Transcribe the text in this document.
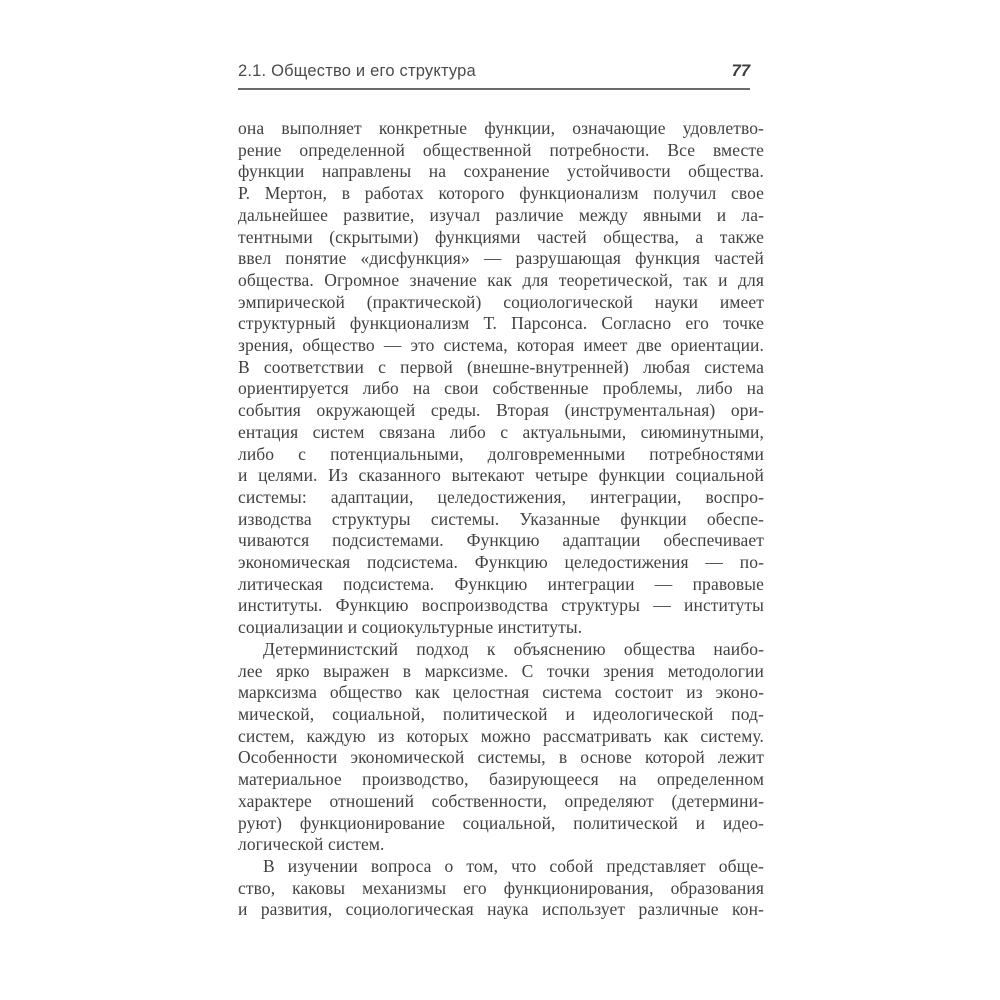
2.1. Общество и его структура	77

она выполняет конкретные функции, означающие удовлетво-
рение определенной общественной потребности. Все вместе
функции направлены на сохранение устойчивости общества.
Р. Мертон, в работах которого функционализм получил свое
дальнейшее развитие, изучал различие между явными и ла-
тентными (скрытыми) функциями частей общества, а также
ввел понятие «дисфункция» — разрушающая функция частей
общества. Огромное значение как для теоретической, так и для
эмпирической (практической) социологической науки имеет
структурный функционализм Т. Парсонса. Согласно его точке
зрения, общество — это система, которая имеет две ориентации.
В соответствии с первой (внешне-внутренней) любая система
ориентируется либо на свои собственные проблемы, либо на
события окружающей среды. Вторая (инструментальная) ори-
ентация систем связана либо с актуальными, сиюминутными,
либо с потенциальными, долговременными потребностями
и целями. Из сказанного вытекают четыре функции социальной
системы: адаптации, целедостижения, интеграции, воспро-
изводства структуры системы. Указанные функции обеспе-
чиваются подсистемами. Функцию адаптации обеспечивает
экономическая подсистема. Функцию целедостижения — по-
литическая подсистема. Функцию интеграции — правовые
институты. Функцию воспроизводства структуры — институты
социализации и социокультурные институты.

Детерминистский подход к объяснению общества наибо-
лее ярко выражен в марксизме. С точки зрения методологии
марксизма общество как целостная система состоит из эконо-
мической, социальной, политической и идеологической под-
систем, каждую из которых можно рассматривать как систему.
Особенности экономической системы, в основе которой лежит
материальное производство, базирующееся на определенном
характере отношений собственности, определяют (детермини-
руют) функционирование социальной, политической и идео-
логической систем.

В изучении вопроса о том, что собой представляет обще-
ство, каковы механизмы его функционирования, образования
и развития, социологическая наука использует различные кон-
